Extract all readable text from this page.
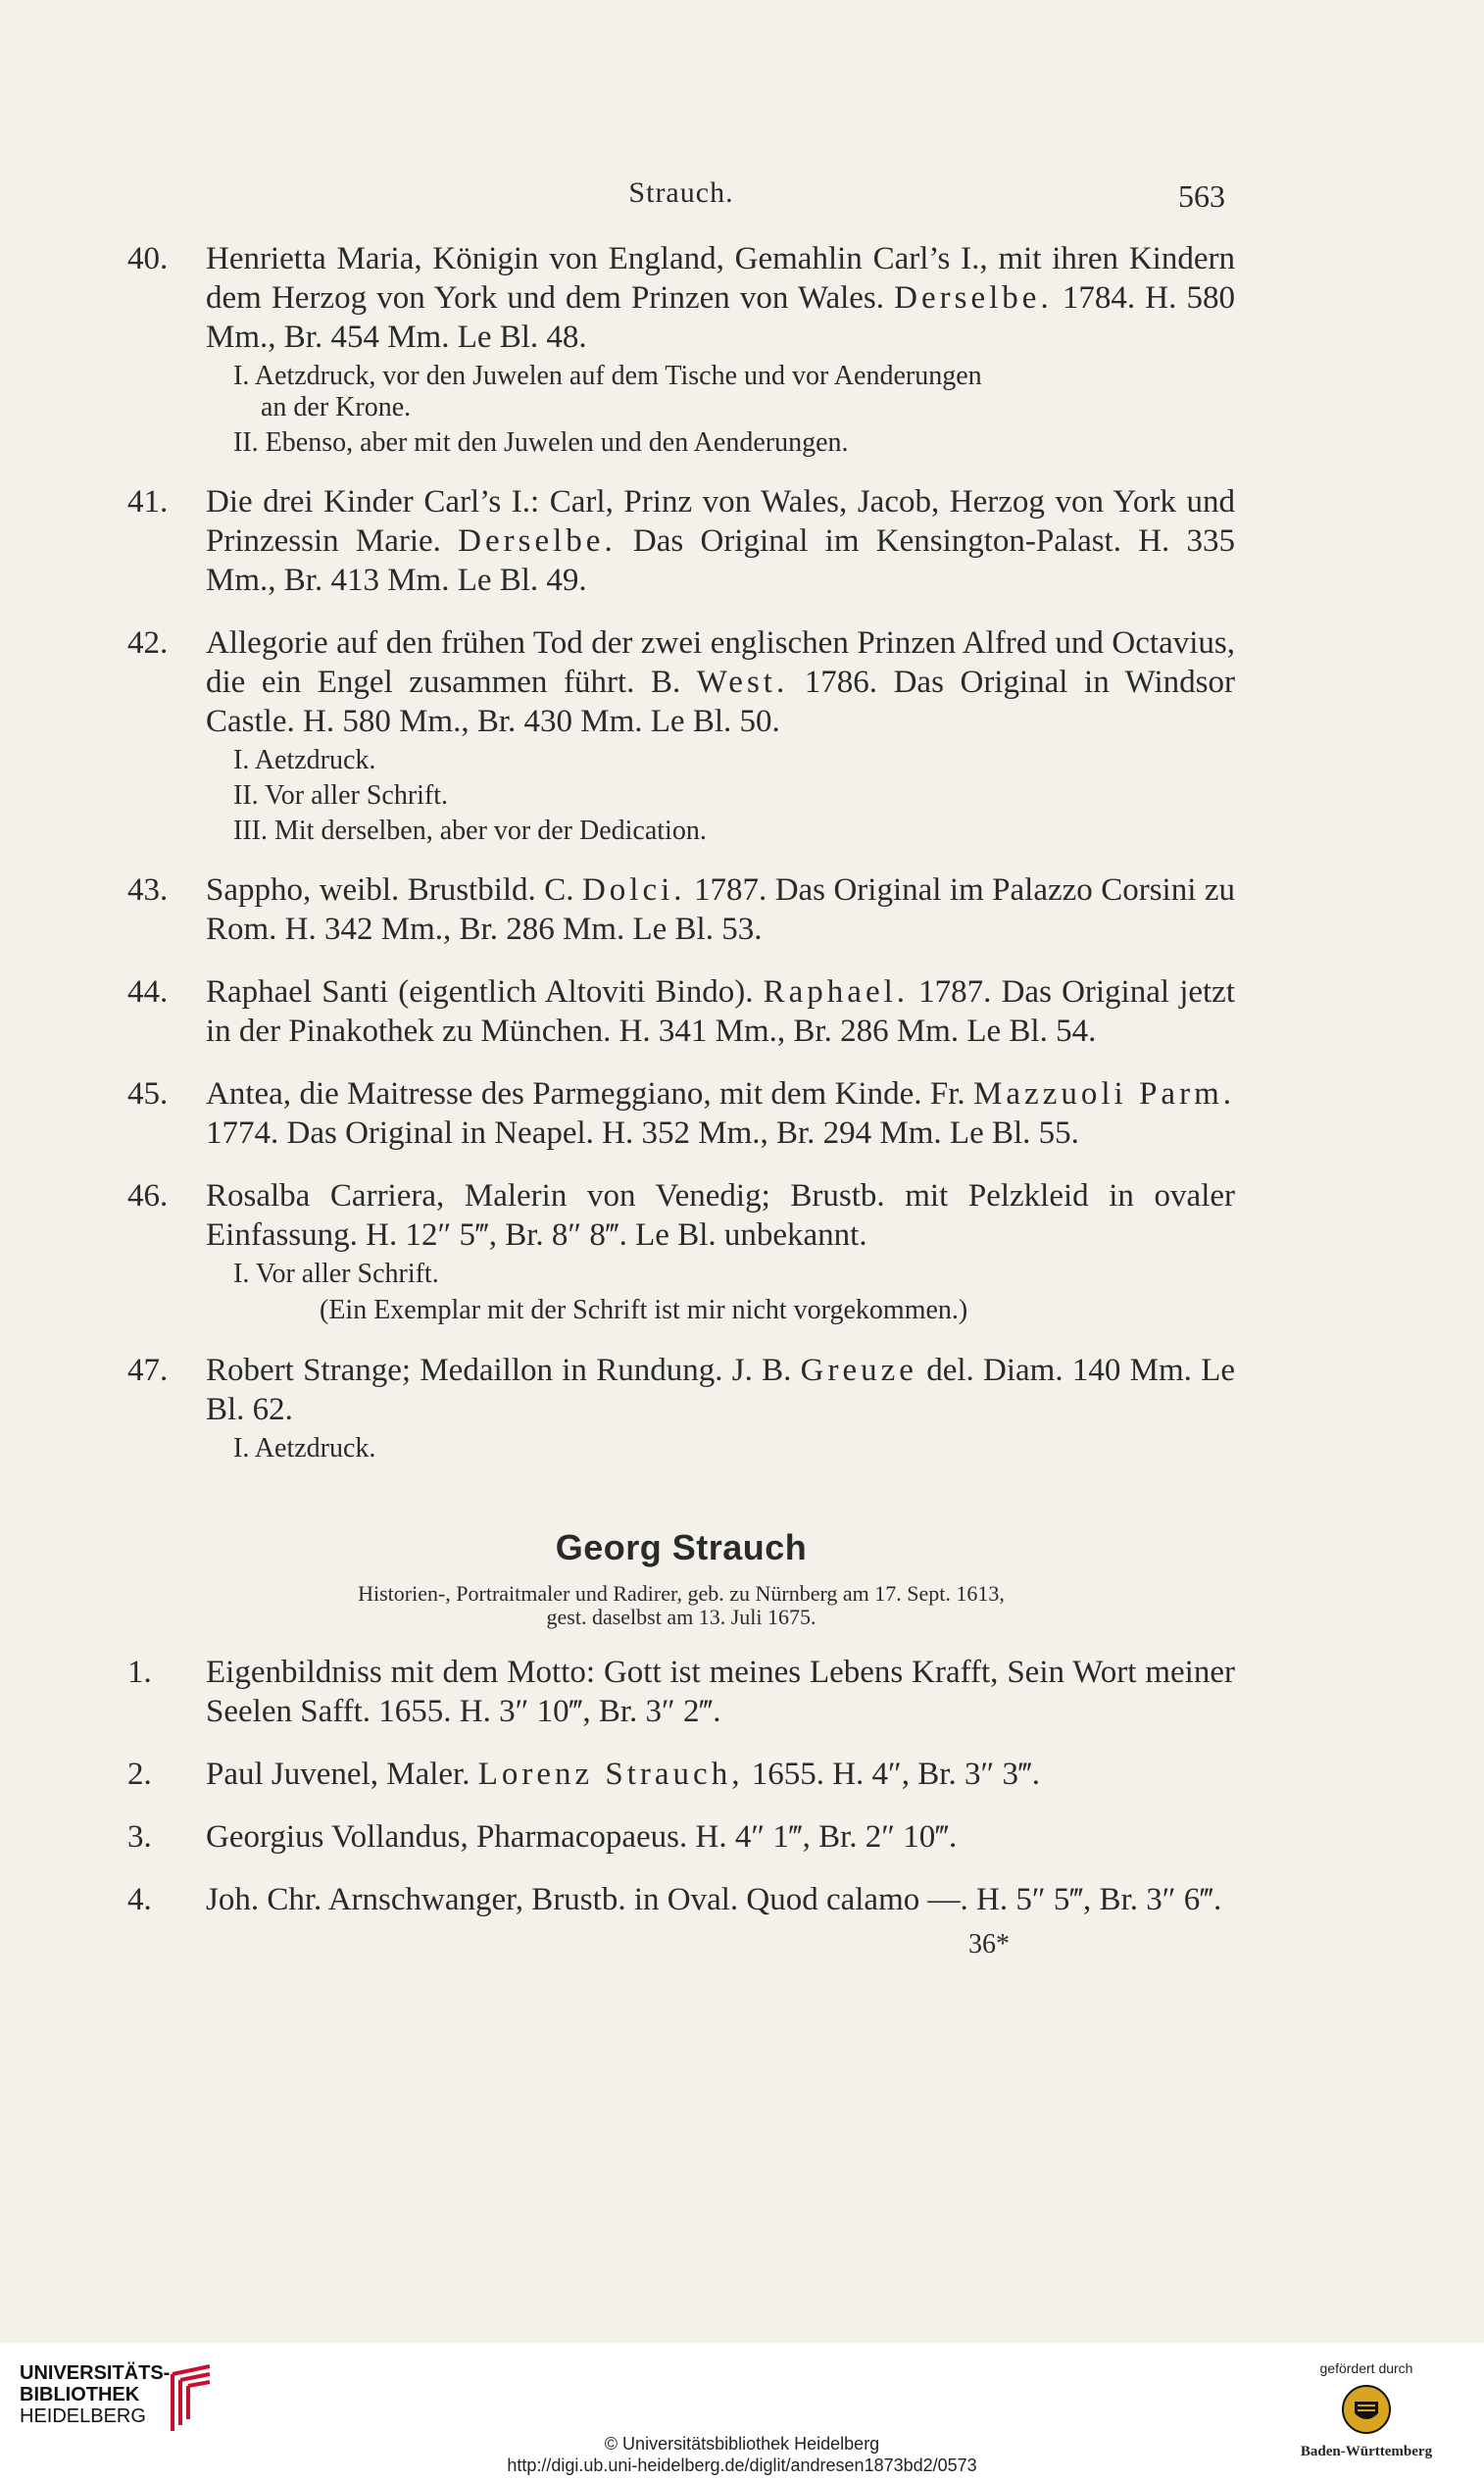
Strauch.	563
40. Henrietta Maria, Königin von England, Gemahlin Carl’s I., mit ihren Kindern dem Herzog von York und dem Prinzen von Wales. Derselbe. 1784. H. 580 Mm., Br. 454 Mm. Le Bl. 48.
I. Aetzdruck, vor den Juwelen auf dem Tische und vor Aenderungen
an der Krone.
II. Ebenso, aber mit den Juwelen und den Aenderungen.
41. Die drei Kinder Carl’s I.: Carl, Prinz von Wales, Jacob, Herzog von York und Prinzessin Marie. Derselbe. Das Original im Kensington-Palast. H. 335 Mm., Br. 413 Mm. Le Bl. 49.
42. Allegorie auf den frühen Tod der zwei englischen Prinzen Alfred und Octavius, die ein Engel zusammen führt. B. West. 1786. Das Original in Windsor Castle. H. 580 Mm., Br. 430 Mm. Le Bl. 50.
I. Aetzdruck.
II. Vor aller Schrift.
III. Mit derselben, aber vor der Dedication.
43. Sappho, weibl. Brustbild. C. Dolci. 1787. Das Original im Palazzo Corsini zu Rom. H. 342 Mm., Br. 286 Mm. Le Bl. 53.
44. Raphael Santi (eigentlich Altoviti Bindo). Raphael. 1787. Das Original jetzt in der Pinakothek zu München. H. 341 Mm., Br. 286 Mm. Le Bl. 54.
45. Antea, die Maitresse des Parmeggiano, mit dem Kinde. Fr. Mazzuoli Parm. 1774. Das Original in Neapel. H. 352 Mm., Br. 294 Mm. Le Bl. 55.
46. Rosalba Carriera, Malerin von Venedig; Brustb. mit Pelzkleid in ovaler Einfassung. H. 12″ 5‴, Br. 8″ 8‴. Le Bl. unbekannt.
I. Vor aller Schrift.
(Ein Exemplar mit der Schrift ist mir nicht vorgekommen.)
47. Robert Strange; Medaillon in Rundung. J. B. Greuze del. Diam. 140 Mm. Le Bl. 62.
I. Aetzdruck.
Georg Strauch
Historien-, Portraitmaler und Radirer, geb. zu Nürnberg am 17. Sept. 1613,
gest. daselbst am 13. Juli 1675.
1. Eigenbildniss mit dem Motto: Gott ist meines Lebens Krafft, Sein Wort meiner Seelen Safft. 1655. H. 3″ 10‴, Br. 3″ 2‴.
2. Paul Juvenel, Maler. Lorenz Strauch, 1655. H. 4″, Br. 3″ 3‴.
3. Georgius Vollandus, Pharmacopaeus. H. 4″ 1‴, Br. 2″ 10‴.
4. Joh. Chr. Arnschwanger, Brustb. in Oval. Quod calamo —. H. 5″ 5‴, Br. 3″ 6‴.
36*
UNIVERSITÄTS-
BIBLIOTHEK

HEIDELBERG
© Universitätsbibliothek Heidelberg
http://digi.ub.uni-heidelberg.de/diglit/andresen1873bd2/0573
gefördert durch
Baden-Württemberg
